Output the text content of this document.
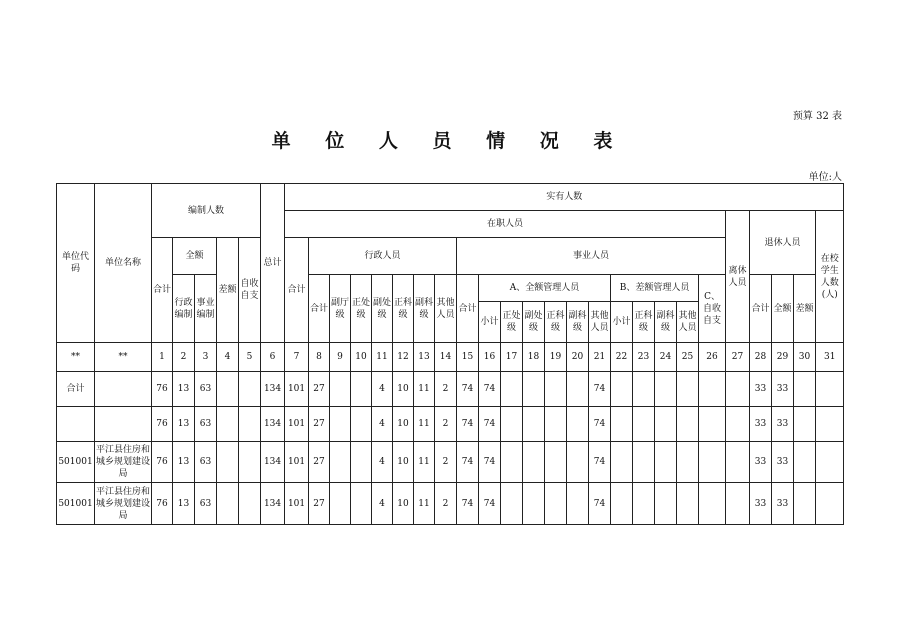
预算 32 表
单 位 人 员 情 况 表
单位:人
单位代码	单位名称	编制人数					总计	实有人数																								
								在职人员																				离休人员	退休人员			在校学生人数(人)
		合计	全额		差额	自收自支		合计	行政人员							事业人员																
			行政编制	事业编制					合计	副厅级	正处级	副处级	正科级	副科级	其他人员	合计	A、全额管理人员						B、差额管理人员				C、自收自支		合计	全额	差额	
																	小计	正处级	副处级	正科级	副科级	其他人员	小计	正科级	副科级	其他人员						

**	**	1	2	3	4	5	6	7	8	9	10	11	12	13	14	15	16	17	18	19	20	21	22	23	24	25	26	27	28	29	30	31
合计		76	13	63			134	101	27			4	10	11	2	74	74					74							33	33		
		76	13	63			134	101	27			4	10	11	2	74	74					74							33	33		
501001	平江县住房和城乡规划建设局	76	13	63			134	101	27			4	10	11	2	74	74					74							33	33		
501001	平江县住房和城乡规划建设局	76	13	63			134	101	27			4	10	11	2	74	74					74							33	33		
